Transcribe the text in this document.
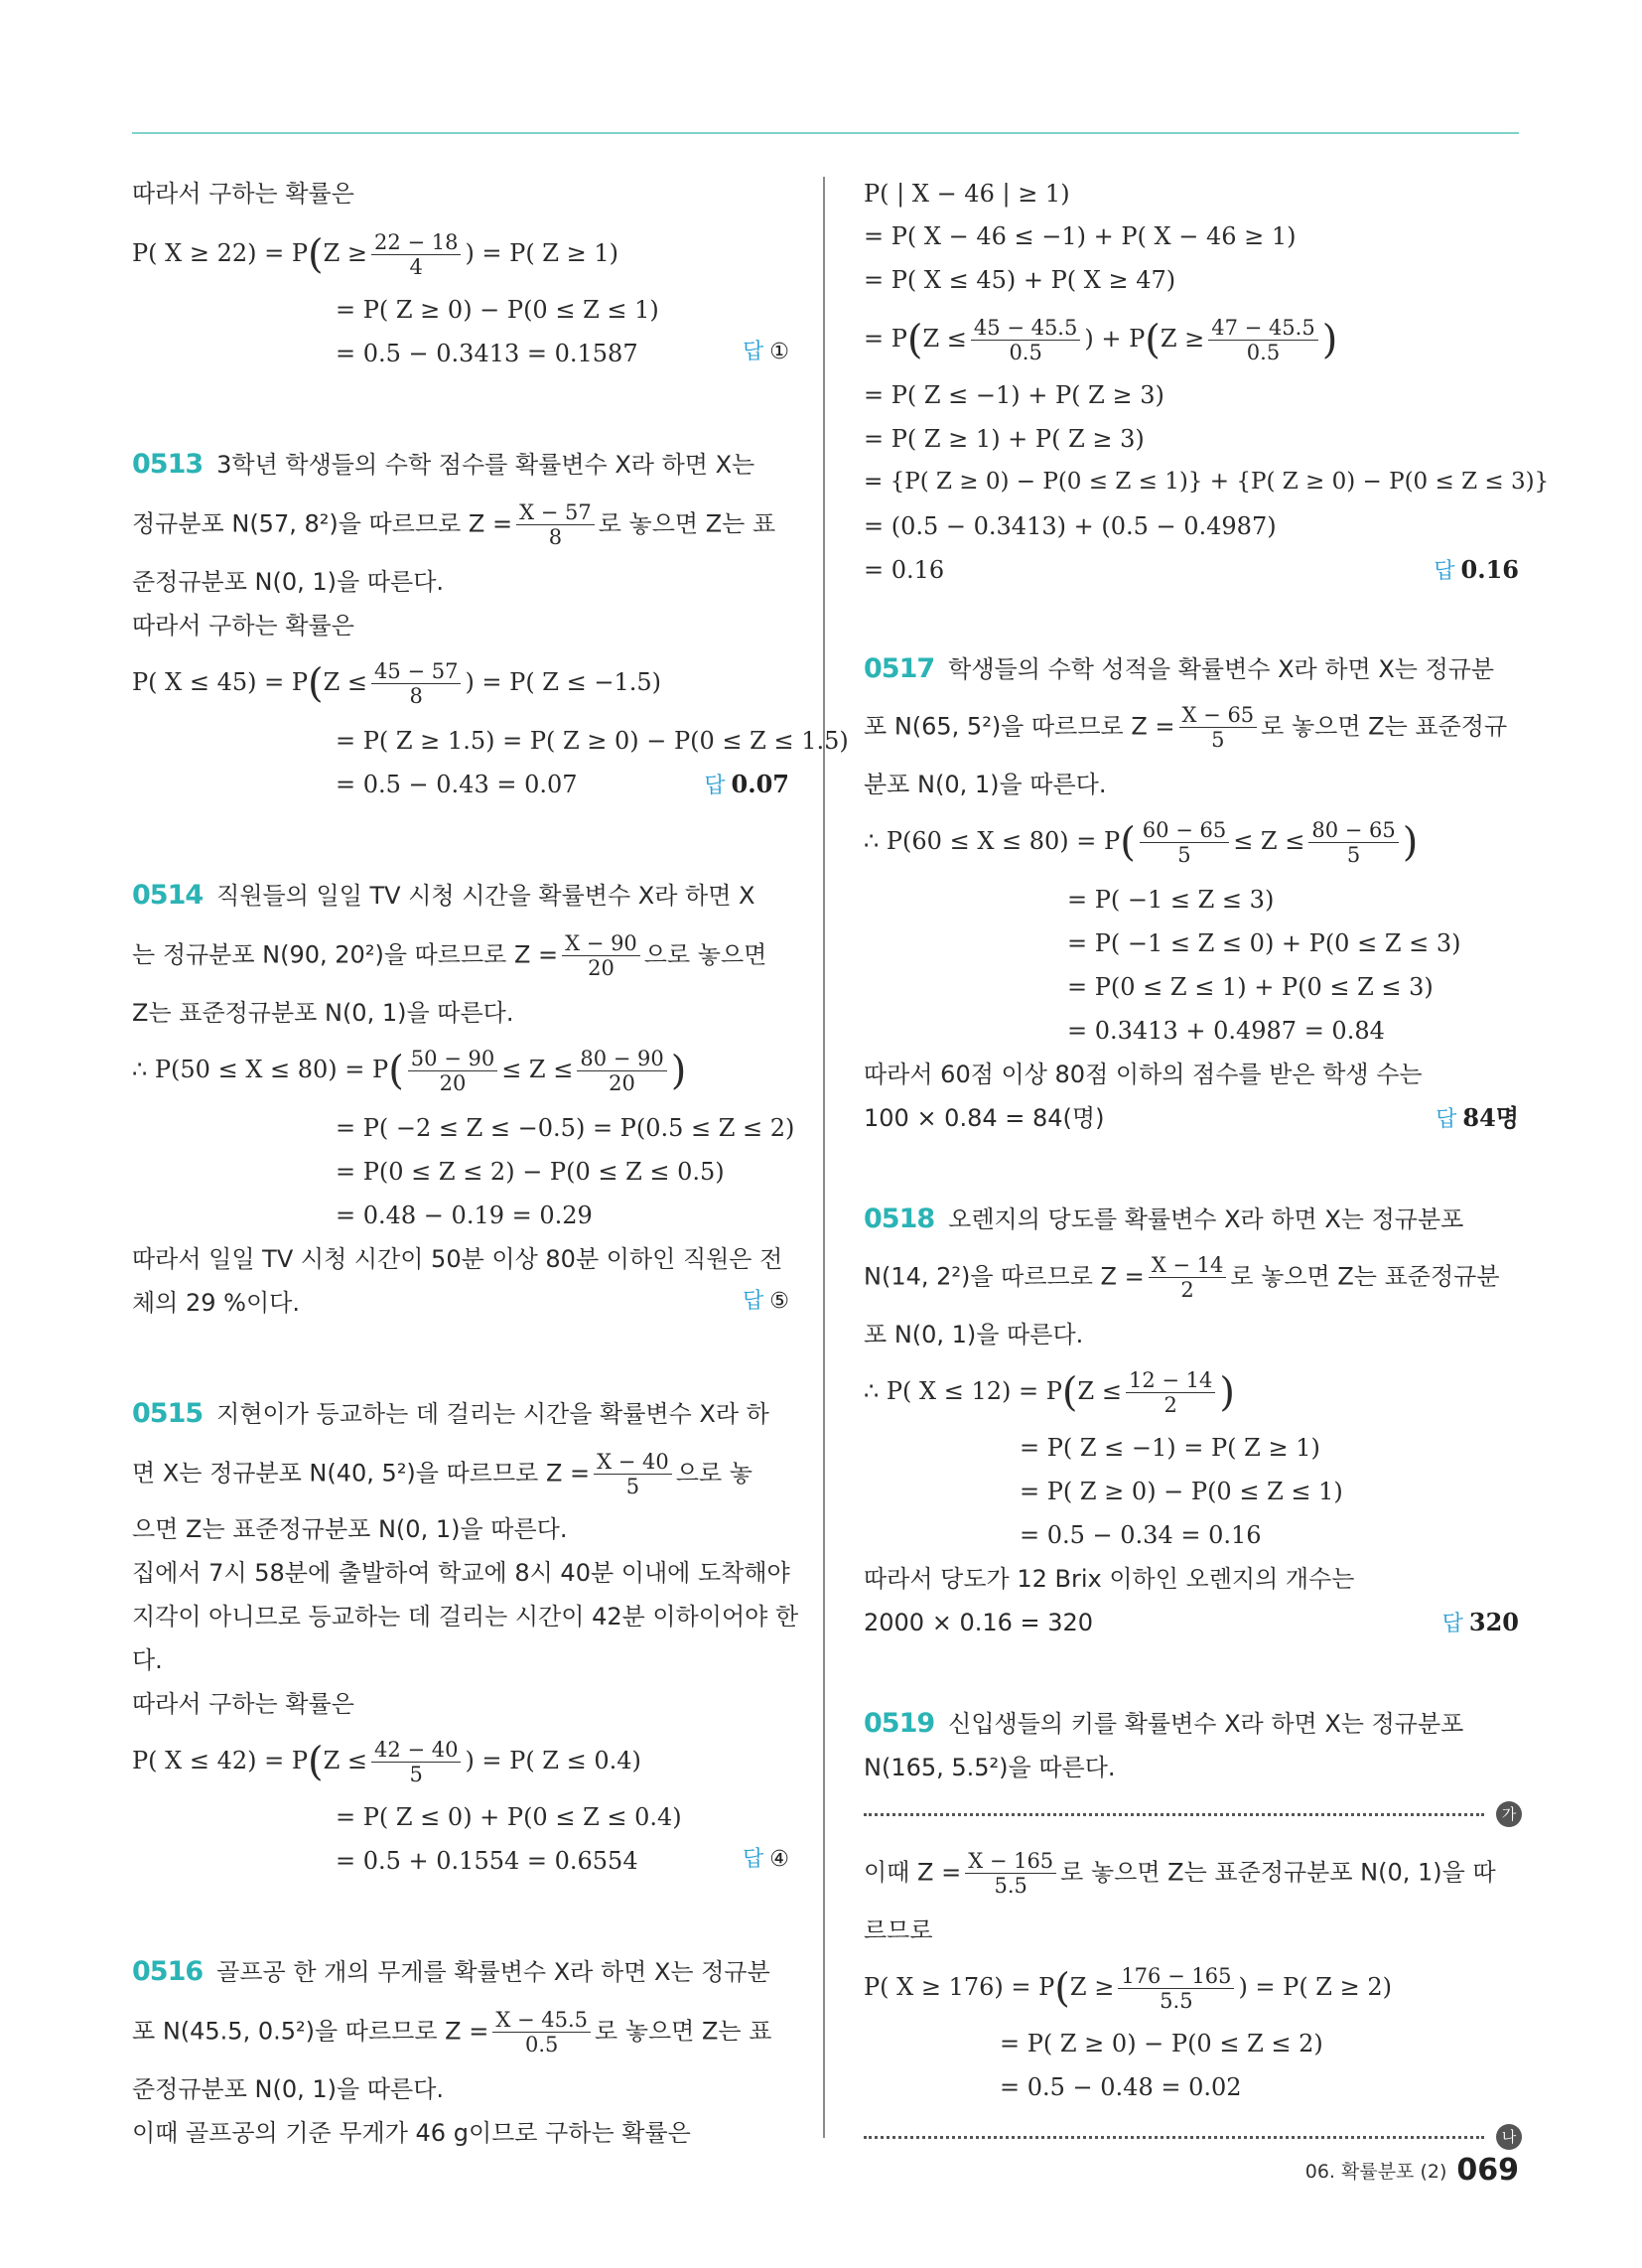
따라서 구하는 확률은
P( $X \ge 22) = P(Z \ge \frac{22 - 18}{4}$ ) = P( Z ≥ 1)
= P( Z ≥ 0) − P(0 ≤ Z ≤ 1)
= 0.5 − 0.3413 = 0.1587	답 ①
0513 3학년 학생들의 수학 점수를 확률변수 X라 하면 X는
정규분포 N(57, 8²)을 따르므로 $Z = \frac{X - 57}{8}$ 로 놓으면 Z는 표
준정규분포 N(0, 1)을 따른다.
따라서 구하는 확률은
P( $X \le 45) = P(Z \le \frac{45 - 57}{8}$ ) = P( Z ≤ −1.5)
= P( Z ≥ 1.5) = P( Z ≥ 0) − P(0 ≤ Z ≤ 1.5)
= 0.5 − 0.43 = 0.07	답 0.07
0514 직원들의 일일 TV 시청 시간을 확률변수 X라 하면 X
는 정규분포 N(90, 20²)을 따르므로 $Z = \frac{X - 90}{20}$ 으로 놓으면
Z는 표준정규분포 N(0, 1)을 따른다.
∴ $P(50 \le X \le 80) = P( \frac{50 - 90}{20} \le Z \le \frac{80 - 90}{20}$ )
= P( −2 ≤ Z ≤ −0.5) = P(0.5 ≤ Z ≤ 2)
= P(0 ≤ Z ≤ 2) − P(0 ≤ Z ≤ 0.5)
= 0.48 − 0.19 = 0.29
따라서 일일 TV 시청 시간이 50분 이상 80분 이하인 직원은 전
체의 29 %이다.	답 ⑤
0515 지현이가 등교하는 데 걸리는 시간을 확률변수 X라 하
면 X는 정규분포 N(40, 5²)을 따르므로 $Z = \frac{X - 40}{5}$ 으로 놓
으면 Z는 표준정규분포 N(0, 1)을 따른다.
집에서 7시 58분에 출발하여 학교에 8시 40분 이내에 도착해야
지각이 아니므로 등교하는 데 걸리는 시간이 42분 이하이어야 한
다.
따라서 구하는 확률은
P( $X \le 42) = P(Z \le \frac{42 - 40}{5}$ ) = P( Z ≤ 0.4)
= P( Z ≤ 0) + P(0 ≤ Z ≤ 0.4)
= 0.5 + 0.1554 = 0.6554	답 ④
0516 골프공 한 개의 무게를 확률변수 X라 하면 X는 정규분
포 N(45.5, 0.5²)을 따르므로 $Z = \frac{X - 45.5}{0.5}$ 로 놓으면 Z는 표
준정규분포 N(0, 1)을 따른다.
이때 골프공의 기준 무게가 46 g이므로 구하는 확률은
P( | X − 46 | ≥ 1)
= P( X − 46 ≤ −1) + P( X − 46 ≥ 1)
= P( X ≤ 45) + P( X ≥ 47)
= $P(Z \le \frac{45 - 45.5}{0.5}$ ) + $P(Z \ge \frac{47 - 45.5}{0.5}$ )
= P( Z ≤ −1) + P( Z ≥ 3)
= P( Z ≥ 1) + P( Z ≥ 3)
= {P( Z ≥ 0) − P(0 ≤ Z ≤ 1)} + {P( Z ≥ 0) − P(0 ≤ Z ≤ 3)}
= (0.5 − 0.3413) + (0.5 − 0.4987)
= 0.16	답 0.16
0517 학생들의 수학 성적을 확률변수 X라 하면 X는 정규분
포 N(65, 5²)을 따르므로 $Z = \frac{X - 65}{5}$ 로 놓으면 Z는 표준정규
분포 N(0, 1)을 따른다.
∴ $P(60 \le X \le 80) = P( \frac{60 - 65}{5} \le Z \le \frac{80 - 65}{5}$ )
= P( −1 ≤ Z ≤ 3)
= P( −1 ≤ Z ≤ 0) + P(0 ≤ Z ≤ 3)
= P(0 ≤ Z ≤ 1) + P(0 ≤ Z ≤ 3)
= 0.3413 + 0.4987 = 0.84
따라서 60점 이상 80점 이하의 점수를 받은 학생 수는
100 × 0.84 = 84(명)	답 84명
0518 오렌지의 당도를 확률변수 X라 하면 X는 정규분포
N(14, 2²)을 따르므로 $Z = \frac{X - 14}{2}$ 로 놓으면 Z는 표준정규분
포 N(0, 1)을 따른다.
∴ P( $X \le 12) = P(Z \le \frac{12 - 14}{2}$ )
= P( Z ≤ −1) = P( Z ≥ 1)
= P( Z ≥ 0) − P(0 ≤ Z ≤ 1)
= 0.5 − 0.34 = 0.16
따라서 당도가 12 Brix 이하인 오렌지의 개수는
2000 × 0.16 = 320	답 320
0519 신입생들의 키를 확률변수 X라 하면 X는 정규분포
N(165, 5.5²)을 따른다.
이때 $Z = \frac{X - 165}{5.5}$ 로 놓으면 Z는 표준정규분포 N(0, 1)을 따
르므로
P( $X \ge 176) = P(Z \ge \frac{176 - 165}{5.5}$ ) = P( Z ≥ 2)
= P( Z ≥ 0) − P(0 ≤ Z ≤ 2)
= 0.5 − 0.48 = 0.02
가
나
06. 확률분포 (2) 069
